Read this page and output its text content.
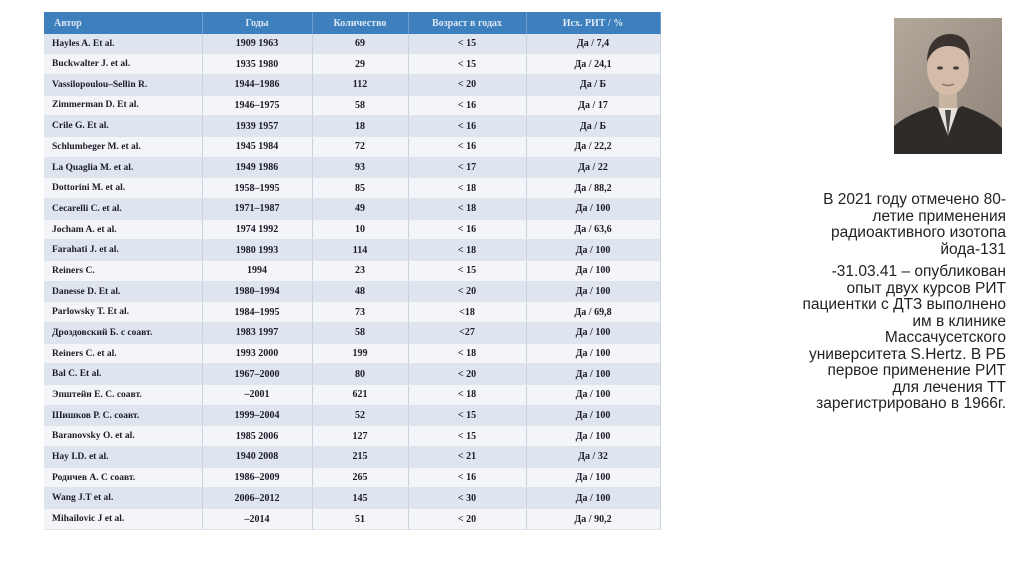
Автор	Годы	Количество	Возраст в годах	Исх. РИТ / %
Hayles A. Et al.	1909 1963	69	< 15	Да / 7,4
Buckwalter J. et al.	1935 1980	29	< 15	Да / 24,1
Vassilopoulou–Sellin R.	1944–1986	112	< 20	Да / Б
Zimmerman D. Et al.	1946–1975	58	< 16	Да / 17
Crile G. Et al.	1939 1957	18	< 16	Да / Б
Schlumbeger M. et al.	1945 1984	72	< 16	Да / 22,2
La Quaglia M. et al.	1949 1986	93	< 17	Да / 22
Dottorini M. et al.	1958–1995	85	< 18	Да / 88,2
Cecarelli C. et al.	1971–1987	49	< 18	Да / 100
Jocham A. et al.	1974 1992	10	< 16	Да / 63,6
Farahati J. et al.	1980 1993	114	< 18	Да / 100
Reiners C.	1994	23	< 15	Да / 100
Danesse D. Et al.	1980–1994	48	< 20	Да / 100
Parlowsky T. Et al.	1984–1995	73	<18	Да / 69,8
Дроздовский Б. с соавт.	1983 1997	58	<27	Да / 100
Reiners C. et al.	1993 2000	199	< 18	Да / 100
Bal C. Et al.	1967–2000	80	< 20	Да / 100
Эпштейн Е. С. соавт.	–2001	621	< 18	Да / 100
Шишков Р. С. соавт.	1999–2004	52	< 15	Да / 100
Baranovsky O. et al.	1985 2006	127	< 15	Да / 100
Hay I.D. et al.	1940 2008	215	< 21	Да / 32
Родичев А. С соавт.	1986–2009	265	< 16	Да / 100
Wang J.T et al.	2006–2012	145	< 30	Да / 100
Mihailovic J et al.	–2014	51	< 20	Да / 90,2

В 2021 году отмечено 80-летие применения радиоактивного изотопа йода-131

-31.03.41 – опубликован опыт двух курсов РИТ пациентки с ДТЗ выполнено им в клинике Массачусетского университета S.Hertz. В РБ первое применение РИТ для лечения ТТ зарегистрировано в 1966г.
